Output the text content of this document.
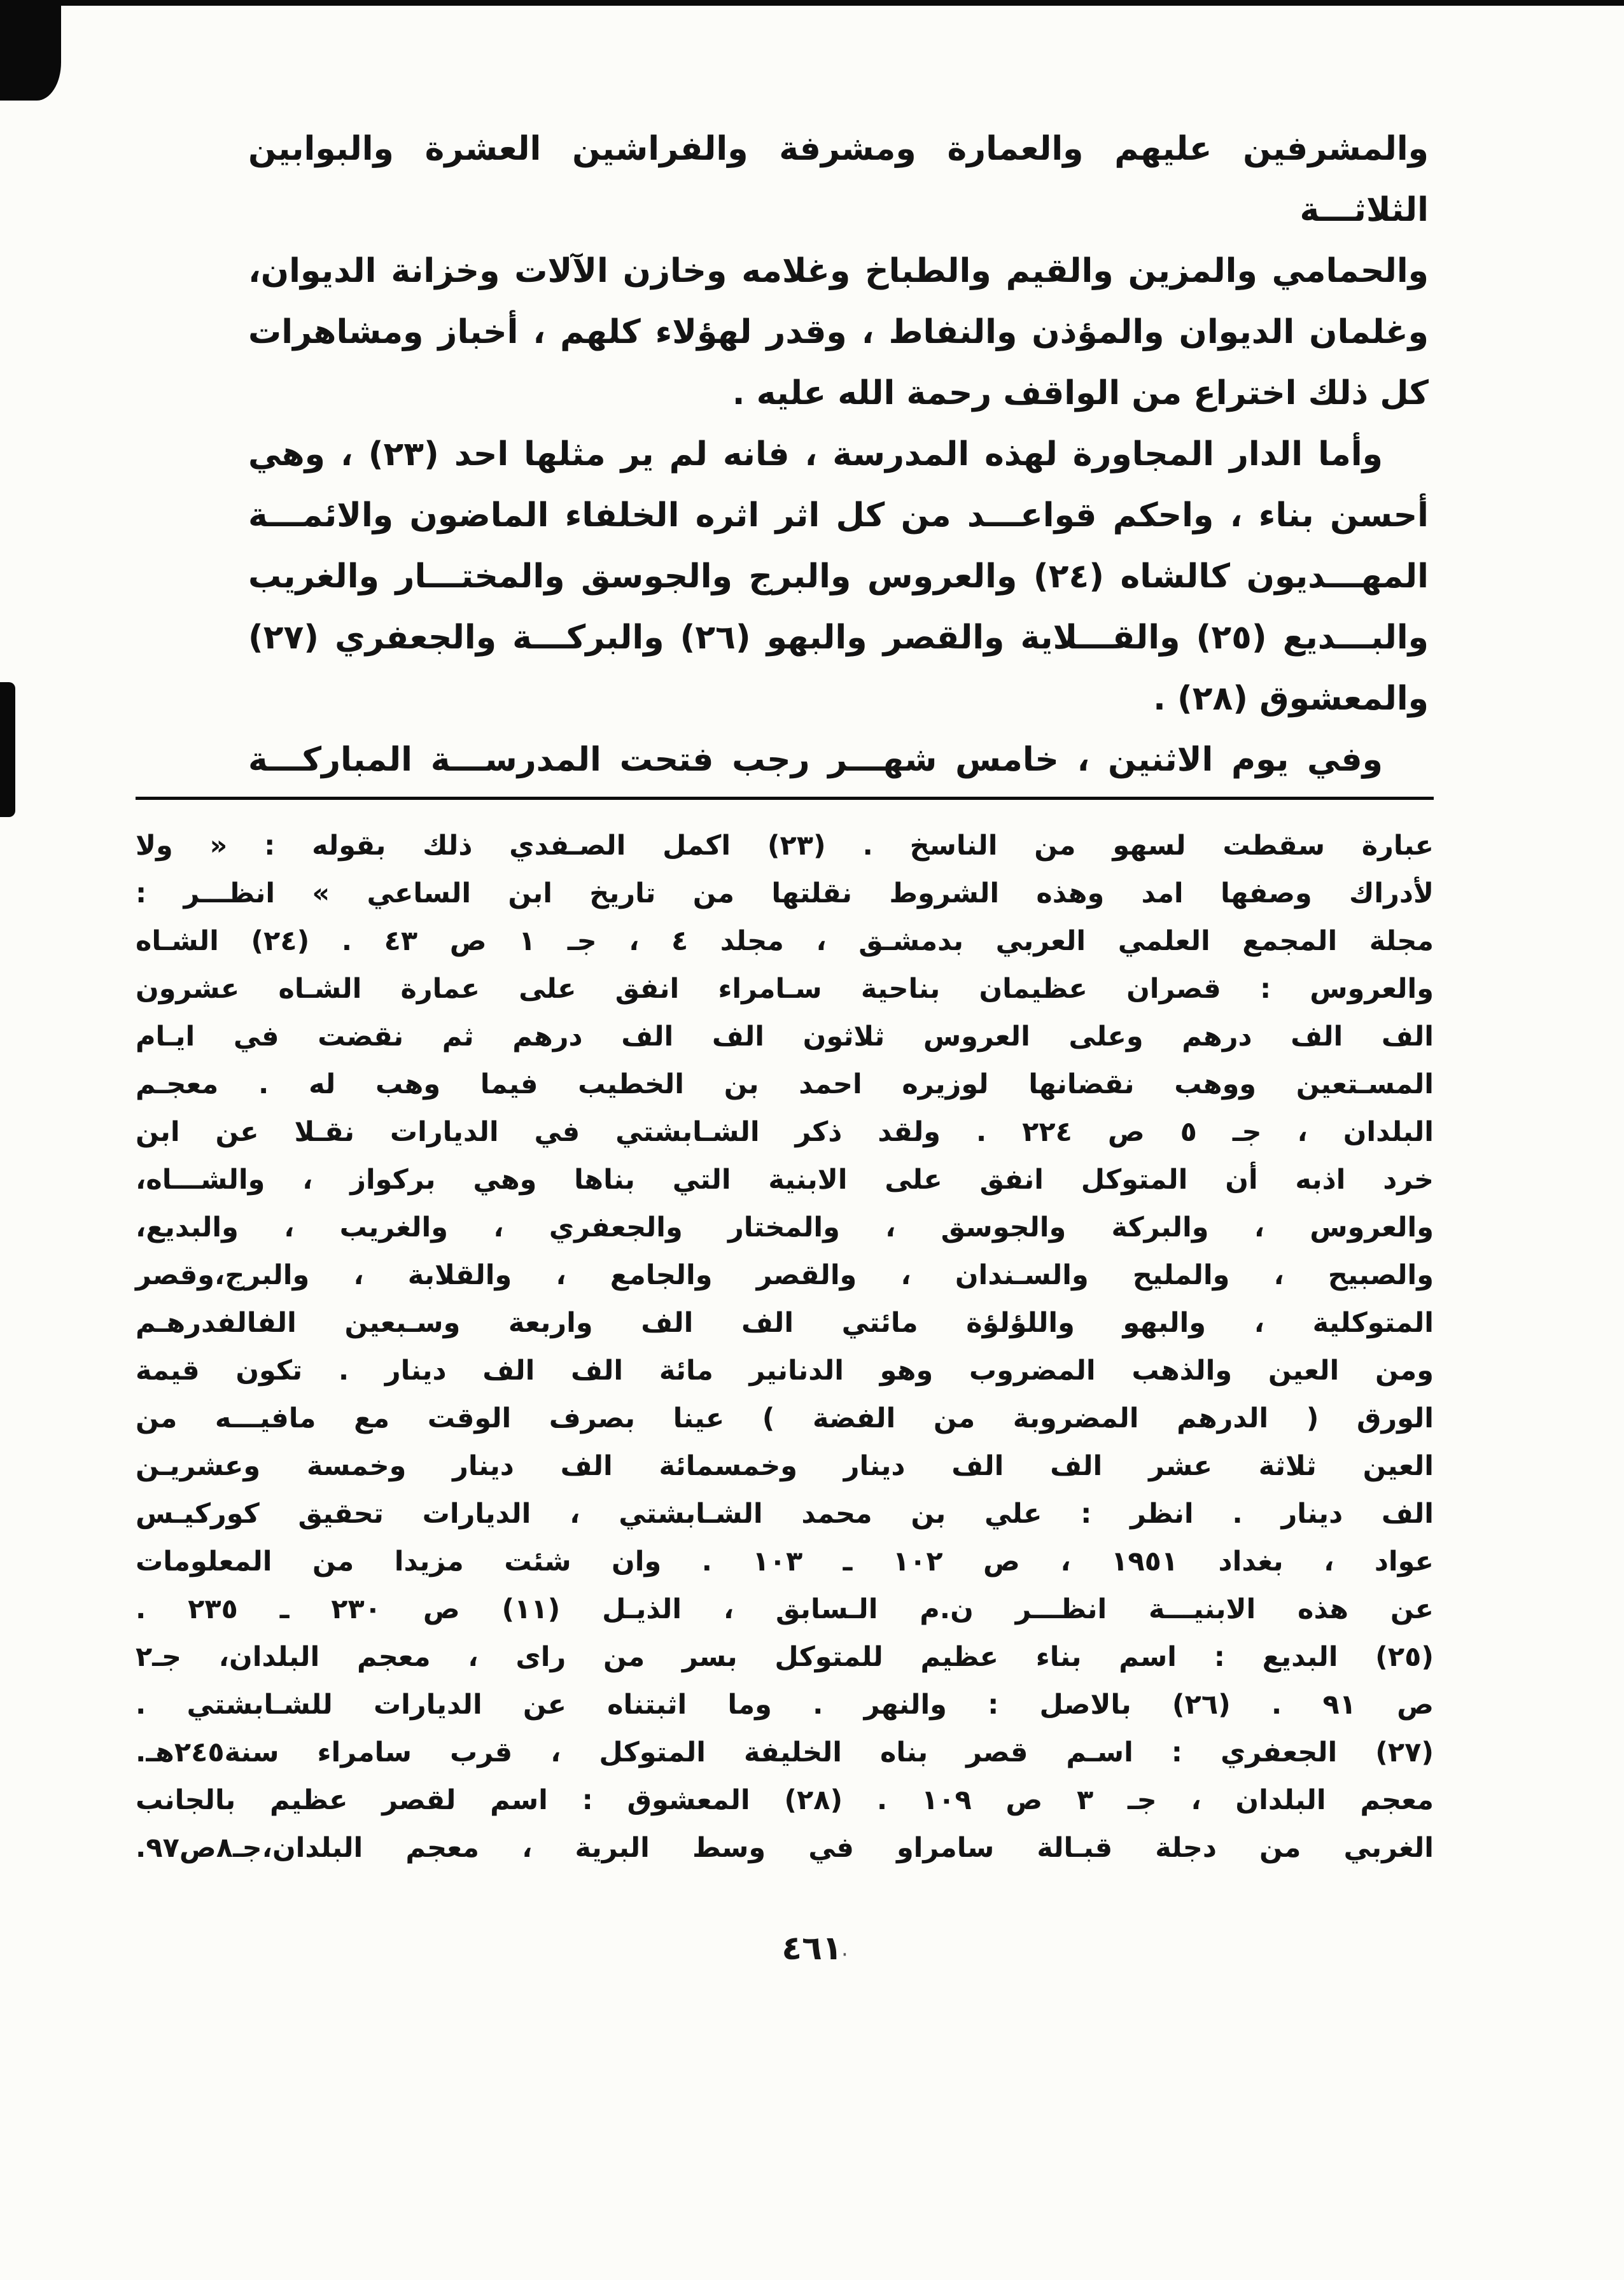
والمشرفين عليهم والعمارة ومشرفة والفراشين العشرة والبوابين الثلاثـــة
والحمامي والمزين والقيم والطباخ وغلامه وخازن الآلات وخزانة الديوان،
وغلمان الديوان والمؤذن والنفاط ، وقدر لهؤلاء كلهم ، أخباز ومشاهرات
كل ذلك اختراع من الواقف رحمة الله عليه .
وأما الدار المجاورة لهذه المدرسة ، فانه لم ير مثلها احد (٢٣) ، وهي
أحسن بناء ، واحكم قواعـــد من كل اثر اثره الخلفاء الماضون والائمـــة
المهـــديون كالشاه (٢٤) والعروس والبرج والجوسق والمختـــار والغريب
والبـــديع (٢٥) والقـــلاية والقصر والبهو (٢٦) والبركـــة والجعفري (٢٧)
والمعشوق (٢٨) .
وفي يوم الاثنين ، خامس شهـــر رجب فتحت المدرســـة المباركـــة
عبارة سقطت لسهو من الناسخ . (٢٣) اكمل الصـفدي ذلك بقوله : « ولا
لأدراك وصفها امد وهذه الشروط نقلتها من تاريخ ابن الساعي » انظـــر :
مجلة المجمع العلمي العربي بدمشـق ، مجلد ٤ ، جـ ١ ص ٤٣ . (٢٤) الشـاه
والعروس : قصران عظيمان بناحية سـامراء انفق على عمارة الشـاه عشرون
الف الف درهم وعلى العروس ثلاثون الف الف درهم ثم نقضت في ايـام
المسـتعين ووهب نقضانها لوزيره احمد بن الخطيب فيما وهب له . معجـم
البلدان ، جـ ٥ ص ٢٢٤ . ولقد ذكر الشـابشتي في الديارات نقـلا عن ابن
خرد اذبه أن المتوكل انفق على الابنية التي بناها وهي بركواز ، والشـــاه،
والعروس ، والبركة والجوسق ، والمختار والجعفري ، والغريب ، والبديع،
والصبيح ، والمليح والسـندان ، والقصر والجامع ، والقلابة ، والبرج،وقصر
المتوكلية ، والبهو واللؤلؤة مائتي الف الف واربعة وسـبعين الفالفدرهـم
ومن العين والذهب المضروب وهو الدنانير مائة الف الف دينار . تكون قيمة
الورق ( الدرهم المضروبة من الفضة ) عينا بصرف الوقت مع مافيـــه من
العين ثلاثة عشر الف الف دينار وخمسمائة الف دينار وخمسة وعشريـن
الف دينار . انظر : علي بن محمد الشـابشتي ، الديارات تحقيق كوركيـس
عواد ، بغداد ١٩٥١ ، ص ١٠٢ ـ ١٠٣ . وان شئت مزيدا من المعلومات
عن هذه الابنيـــة انظـــر ن.م الـسابق ، الذيـل (١١) ص ٢٣٠ ـ ٢٣٥ .
(٢٥) البديع : اسم بناء عظيم للمتوكل بسر من راى ، معجم البلدان، جـ٢
ص ٩١ . (٢٦) بالاصل : والنهر . وما اثبتناه عن الديارات للشـابشتي .
(٢٧) الجعفري : اسـم قصر بناه الخليفة المتوكل ، قرب سامراء سنة٢٤٥هـ.
معجم البلدان ، جـ ٣ ص ١٠٩ . (٢٨) المعشوق : اسم لقصر عظيم بالجانب
الغربي من دجلة قبـالة سامراو في وسط البرية ، معجم البلدان،جـ٨ص٩٧.
٤٦١
·
